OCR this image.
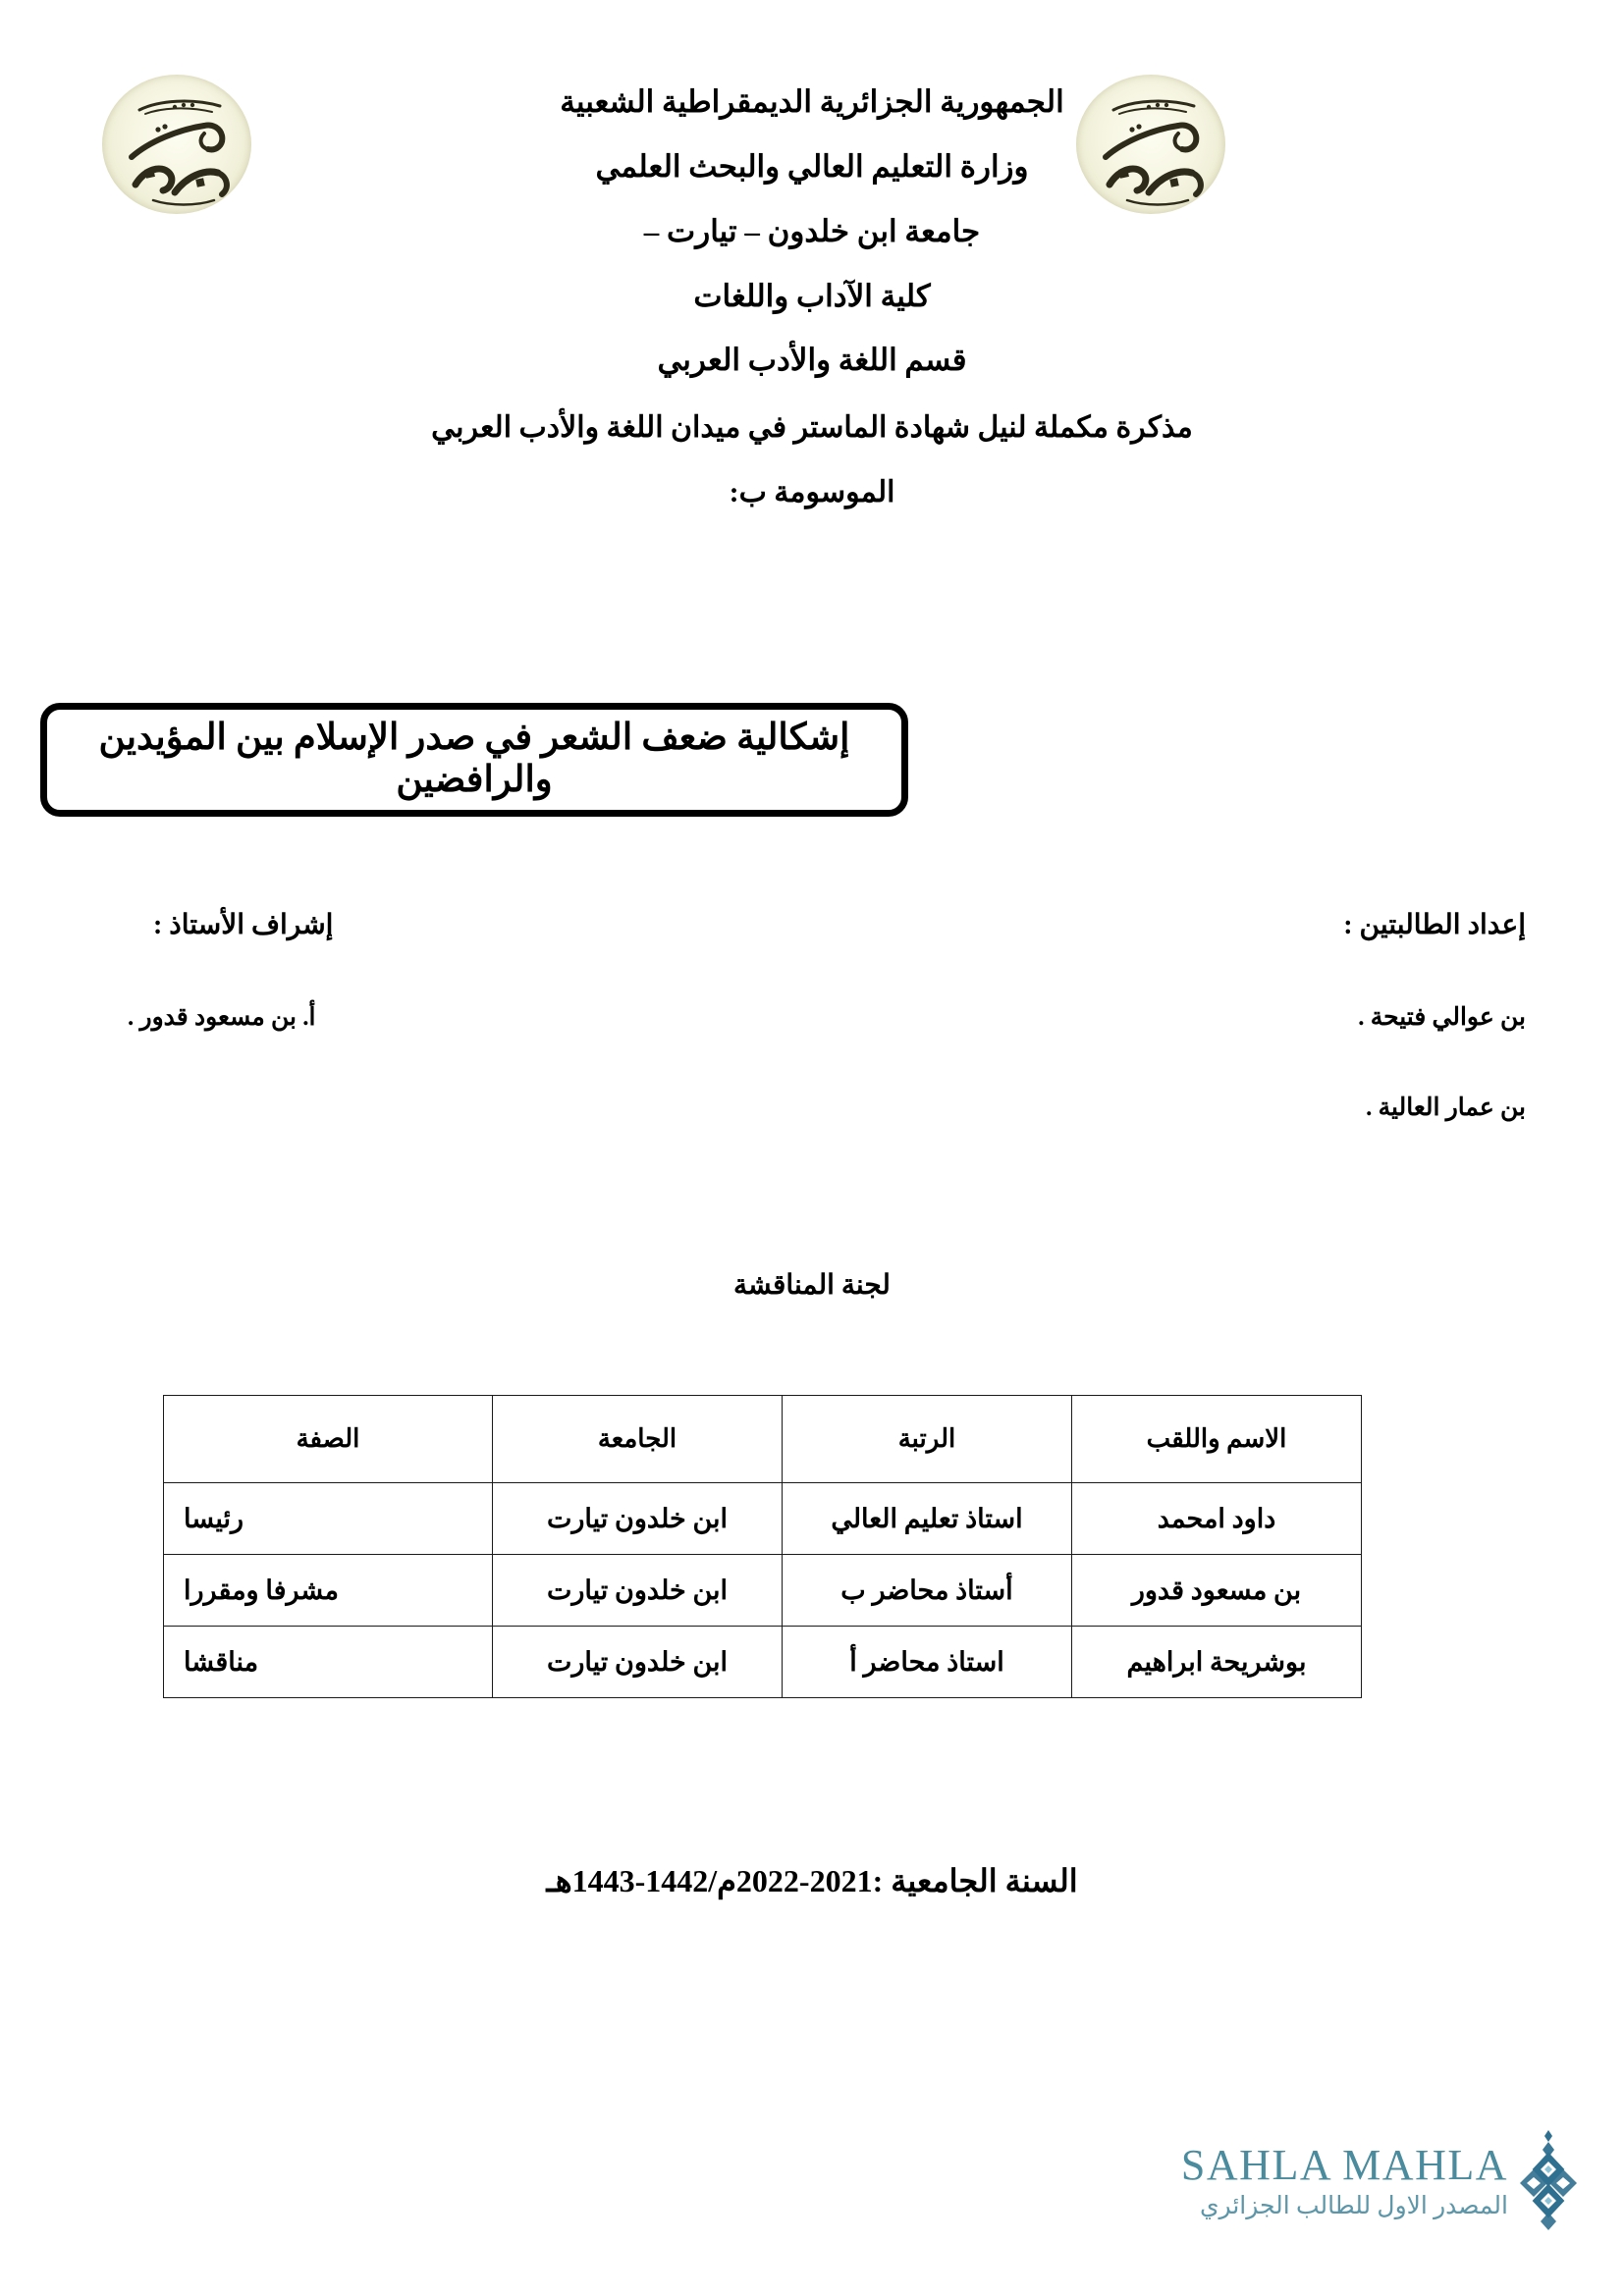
الجمهورية الجزائرية الديمقراطية الشعبية
وزارة التعليم العالي والبحث العلمي
جامعة ابن خلدون – تيارت –
كلية الآداب واللغات
قسم اللغة والأدب العربي
مذكرة مكملة لنيل شهادة الماستر في ميدان اللغة والأدب العربي
الموسومة ب:
إشكالية ضعف الشعر في صدر الإسلام بين المؤيدين والرافضين
إعداد الطالبتين :
بن عوالي فتيحة .
بن عمار العالية .
إشراف الأستاذ :
أ. بن مسعود قدور .
لجنة المناقشة
الاسم واللقب	الرتبة	الجامعة	الصفة
داود امحمد	استاذ تعليم العالي	ابن خلدون تيارت	رئيسا
بن مسعود قدور	أستاذ محاضر ب	ابن خلدون تيارت	مشرفا ومقررا
بوشريحة ابراهيم	استاذ محاضر أ	ابن خلدون تيارت	مناقشا
السنة الجامعية :2021-2022م/1442-1443هـ
SAHLA MAHLA
المصدر الاول للطالب الجزائري
